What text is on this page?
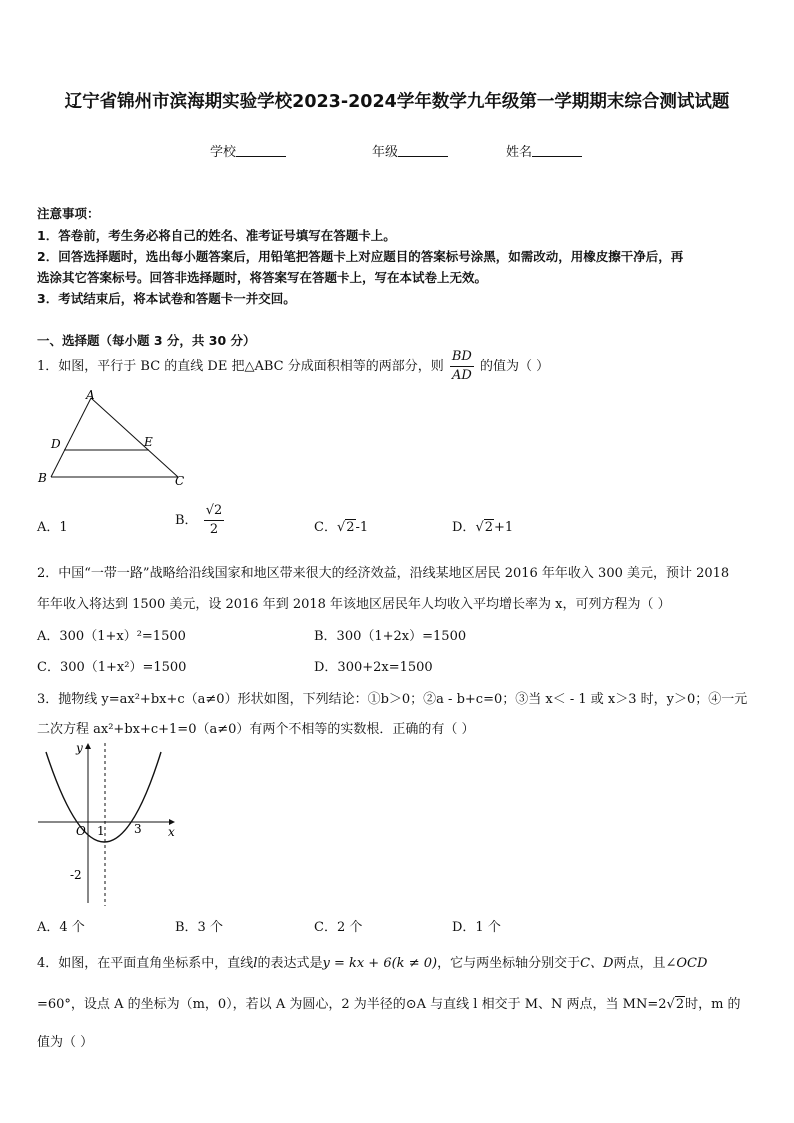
辽宁省锦州市滨海期实验学校2023-2024学年数学九年级第一学期期末综合测试试题
学校	年级	姓名
注意事项：
1．答卷前，考生务必将自己的姓名、准考证号填写在答题卡上。
2．回答选择题时，选出每小题答案后，用铅笔把答题卡上对应题目的答案标号涂黑，如需改动，用橡皮擦干净后，再
选涂其它答案标号。回答非选择题时，将答案写在答题卡上，写在本试卷上无效。
3．考试结束后，将本试卷和答题卡一并交回。
一、选择题（每小题 3 分，共 30 分）
1．如图，平行于 BC 的直线 DE 把△ABC 分成面积相等的两部分，则 $\frac{BD}{AD}$ 的值为（ ）
A
B	C
D	E
A．1	B． $\frac{√2}{2}$	C．√2-1	D．√2+1
2．中国“一带一路”战略给沿线国家和地区带来很大的经济效益，沿线某地区居民 2016 年年收入 300 美元，预计 2018
年年收入将达到 1500 美元，设 2016 年到 2018 年该地区居民年人均收入平均增长率为 x，可列方程为（ ）
A．300（1+x）²=1500	B．300（1+2x）=1500
C．300（1+x²）=1500	D．300+2x=1500
3．抛物线 y=ax²+bx+c（a≠0）形状如图，下列结论：①b＞0；②a - b+c=0；③当 x＜ - 1 或 x＞3 时，y＞0；④一元
二次方程 ax²+bx+c+1=0（a≠0）有两个不相等的实数根．正确的有（ ）
y
x
O 1 3
-2
A．4 个	B．3 个	C．2 个	D．1 个
4．如图，在平面直角坐标系中，直线l的表达式是y = kx + 6(k ≠ 0)，它与两坐标轴分别交于C、D两点，且∠OCD
=60°，设点 A 的坐标为（m，0），若以 A 为圆心，2 为半径的⊙A 与直线 l 相交于 M、N 两点，当 MN=2√2时，m 的
值为（ ）
